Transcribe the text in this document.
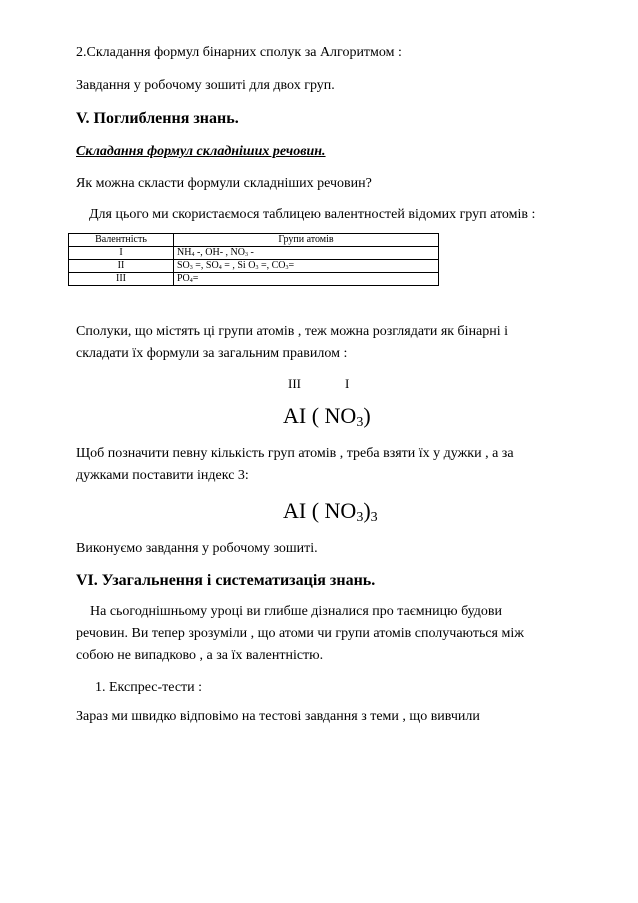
2.Складання формул бінарних сполук за Алгоритмом :
Завдання у робочому зошиті для двох груп.
V. Поглиблення знань.
Складання формул складніших речовин.
Як можна скласти формули складніших речовин?
Для цього ми скористаємося таблицею валентностей відомих груп атомів :
Валентність	Групи атомів
I	$NH_4$ -, OH- , $NO_3$ -
II	$SO_3$ =, $SO_4$ = , Si $O_3$ =, $CO_3=$
III	$PO_4=$
Сполуки, що містять ці групи атомів , теж можна розглядати як бінарні і
складати їх формули за загальним правилом :
III	I
AI ( $NO_3$)
Щоб позначити певну кількість груп атомів , треба взяти їх у дужки , а за
дужками поставити індекс 3:
AI ( $NO_3)_3$
Виконуємо завдання у робочому зошиті.
VI. Узагальнення і систематизація знань.
На сьогоднішньому уроці ви глибше дізналися про таємницю будови
речовин. Ви тепер зрозуміли , що атоми чи групи атомів сполучаються між
собою не випадково , а за їх валентністю.
1. Експрес-тести :
Зараз ми швидко відповімо на тестові завдання з теми , що вивчили
